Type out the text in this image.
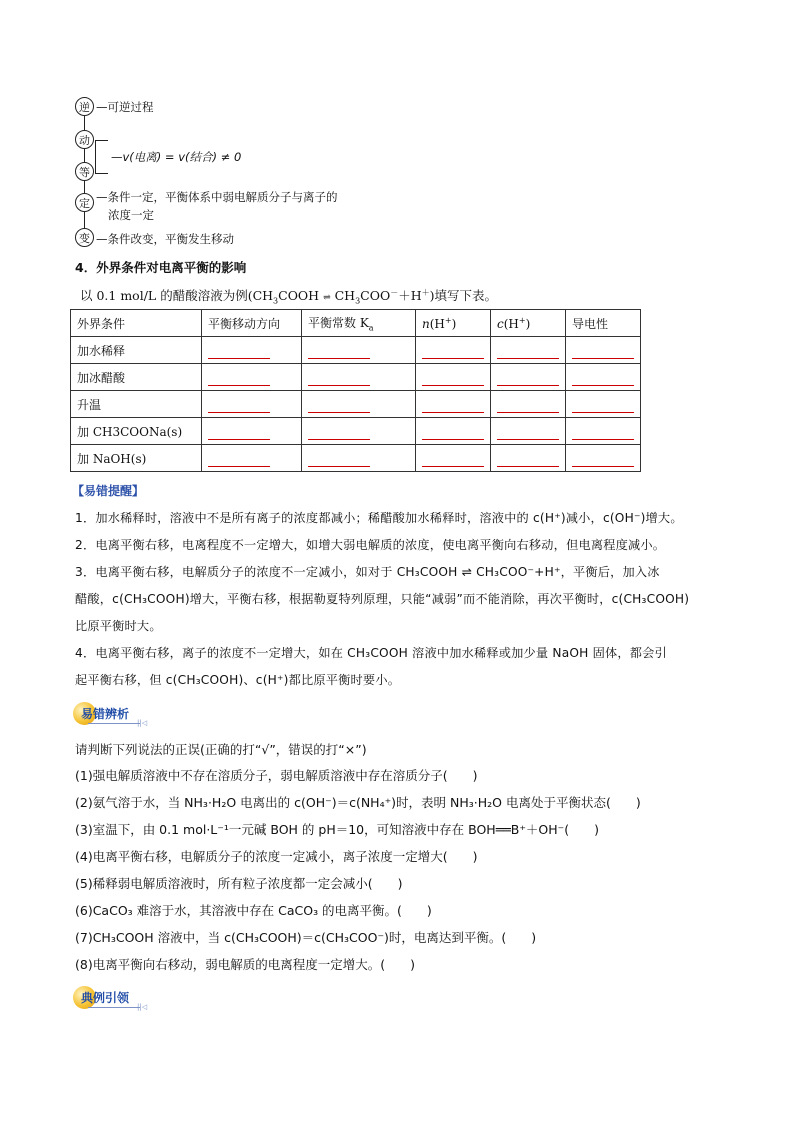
逆 —可逆过程
动
等
—v(电离) = v(结合) ≠ 0
定 —条件一定，平衡体系中弱电解质分子与离子的
浓度一定
变 —条件改变，平衡发生移动
4．外界条件对电离平衡的影响
以 0.1 mol/L 的醋酸溶液为例($CH_3COOH$ ⇌ $CH_3COO^-+H^+$)填写下表。
外界条件	平衡移动方向	平衡常数 $K_a$	n(H+)	c(H+)	导电性
加水稀释					
加冰醋酸					
升温					
加 CH3COONa(s)					
加 NaOH(s)					
【易错提醒】
1．加水稀释时，溶液中不是所有离子的浓度都减小；稀醋酸加水稀释时，溶液中的 c(H⁺)减小，c(OH⁻)增大。
2．电离平衡右移，电离程度不一定增大，如增大弱电解质的浓度，使电离平衡向右移动，但电离程度减小。
3．电离平衡右移，电解质分子的浓度不一定减小，如对于 CH₃COOH ⇌ CH₃COO⁻+H⁺，平衡后，加入冰
醋酸，c(CH₃COOH)增大，平衡右移，根据勒夏特列原理，只能“减弱”而不能消除，再次平衡时，c(CH₃COOH)
比原平衡时大。
4．电离平衡右移，离子的浓度不一定增大，如在 CH₃COOH 溶液中加水稀释或加少量 NaOH 固体，都会引
起平衡右移，但 c(CH₃COOH)、c(H⁺)都比原平衡时要小。
易错辨析
||◁
请判断下列说法的正误(正确的打“√”，错误的打“×”)
(1)强电解质溶液中不存在溶质分子，弱电解质溶液中存在溶质分子(　　)
(2)氨气溶于水，当 NH₃·H₂O 电离出的 c(OH⁻)＝c(NH₄⁺)时，表明 NH₃·H₂O 电离处于平衡状态(　　)
(3)室温下，由 0.1 mol·L⁻¹一元碱 BOH 的 pH＝10，可知溶液中存在 BOH══B⁺＋OH⁻(　　)
(4)电离平衡右移，电解质分子的浓度一定减小，离子浓度一定增大(　　)
(5)稀释弱电解质溶液时，所有粒子浓度都一定会减小(　　)
(6)CaCO₃ 难溶于水，其溶液中存在 CaCO₃ 的电离平衡。(　　)
(7)CH₃COOH 溶液中，当 c(CH₃COOH)＝c(CH₃COO⁻)时，电离达到平衡。(　　)
(8)电离平衡向右移动，弱电解质的电离程度一定增大。(　　)
典例引领
||◁
